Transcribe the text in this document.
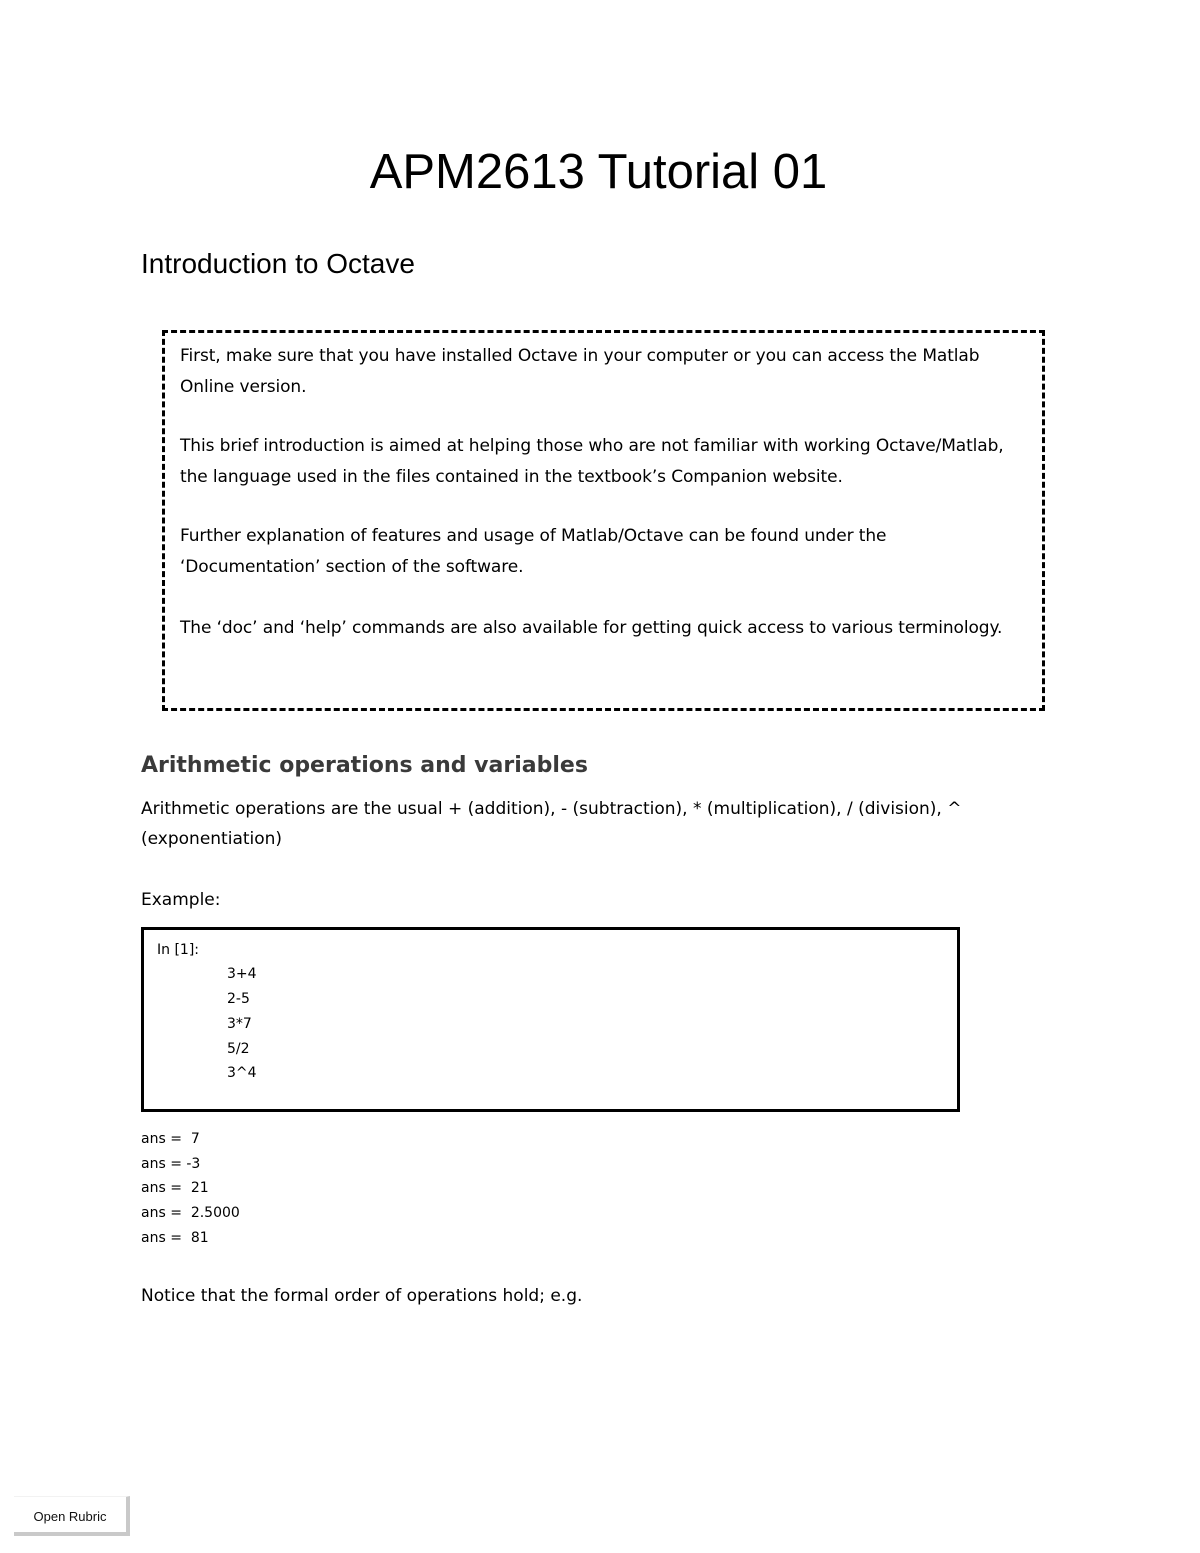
APM2613 Tutorial 01
Introduction to Octave

First, make sure that you have installed Octave in your computer or you can access the Matlab Online version.

This brief introduction is aimed at helping those who are not familiar with working Octave/Matlab, the language used in the files contained in the textbook’s Companion website.

Further explanation of features and usage of Matlab/Octave can be found under the ‘Documentation’ section of the software.

The ‘doc’ and ‘help’ commands are also available for getting quick access to various terminology.

Arithmetic operations and variables

Arithmetic operations are the usual + (addition), - (subtraction), * (multiplication), / (division), ^ (exponentiation)

Example:

In [1]:
3+4
2-5
3*7
5/2
3^4
ans =  7
ans = -3
ans =  21
ans =  2.5000
ans =  81

Notice that the formal order of operations hold; e.g.

Open Rubric
